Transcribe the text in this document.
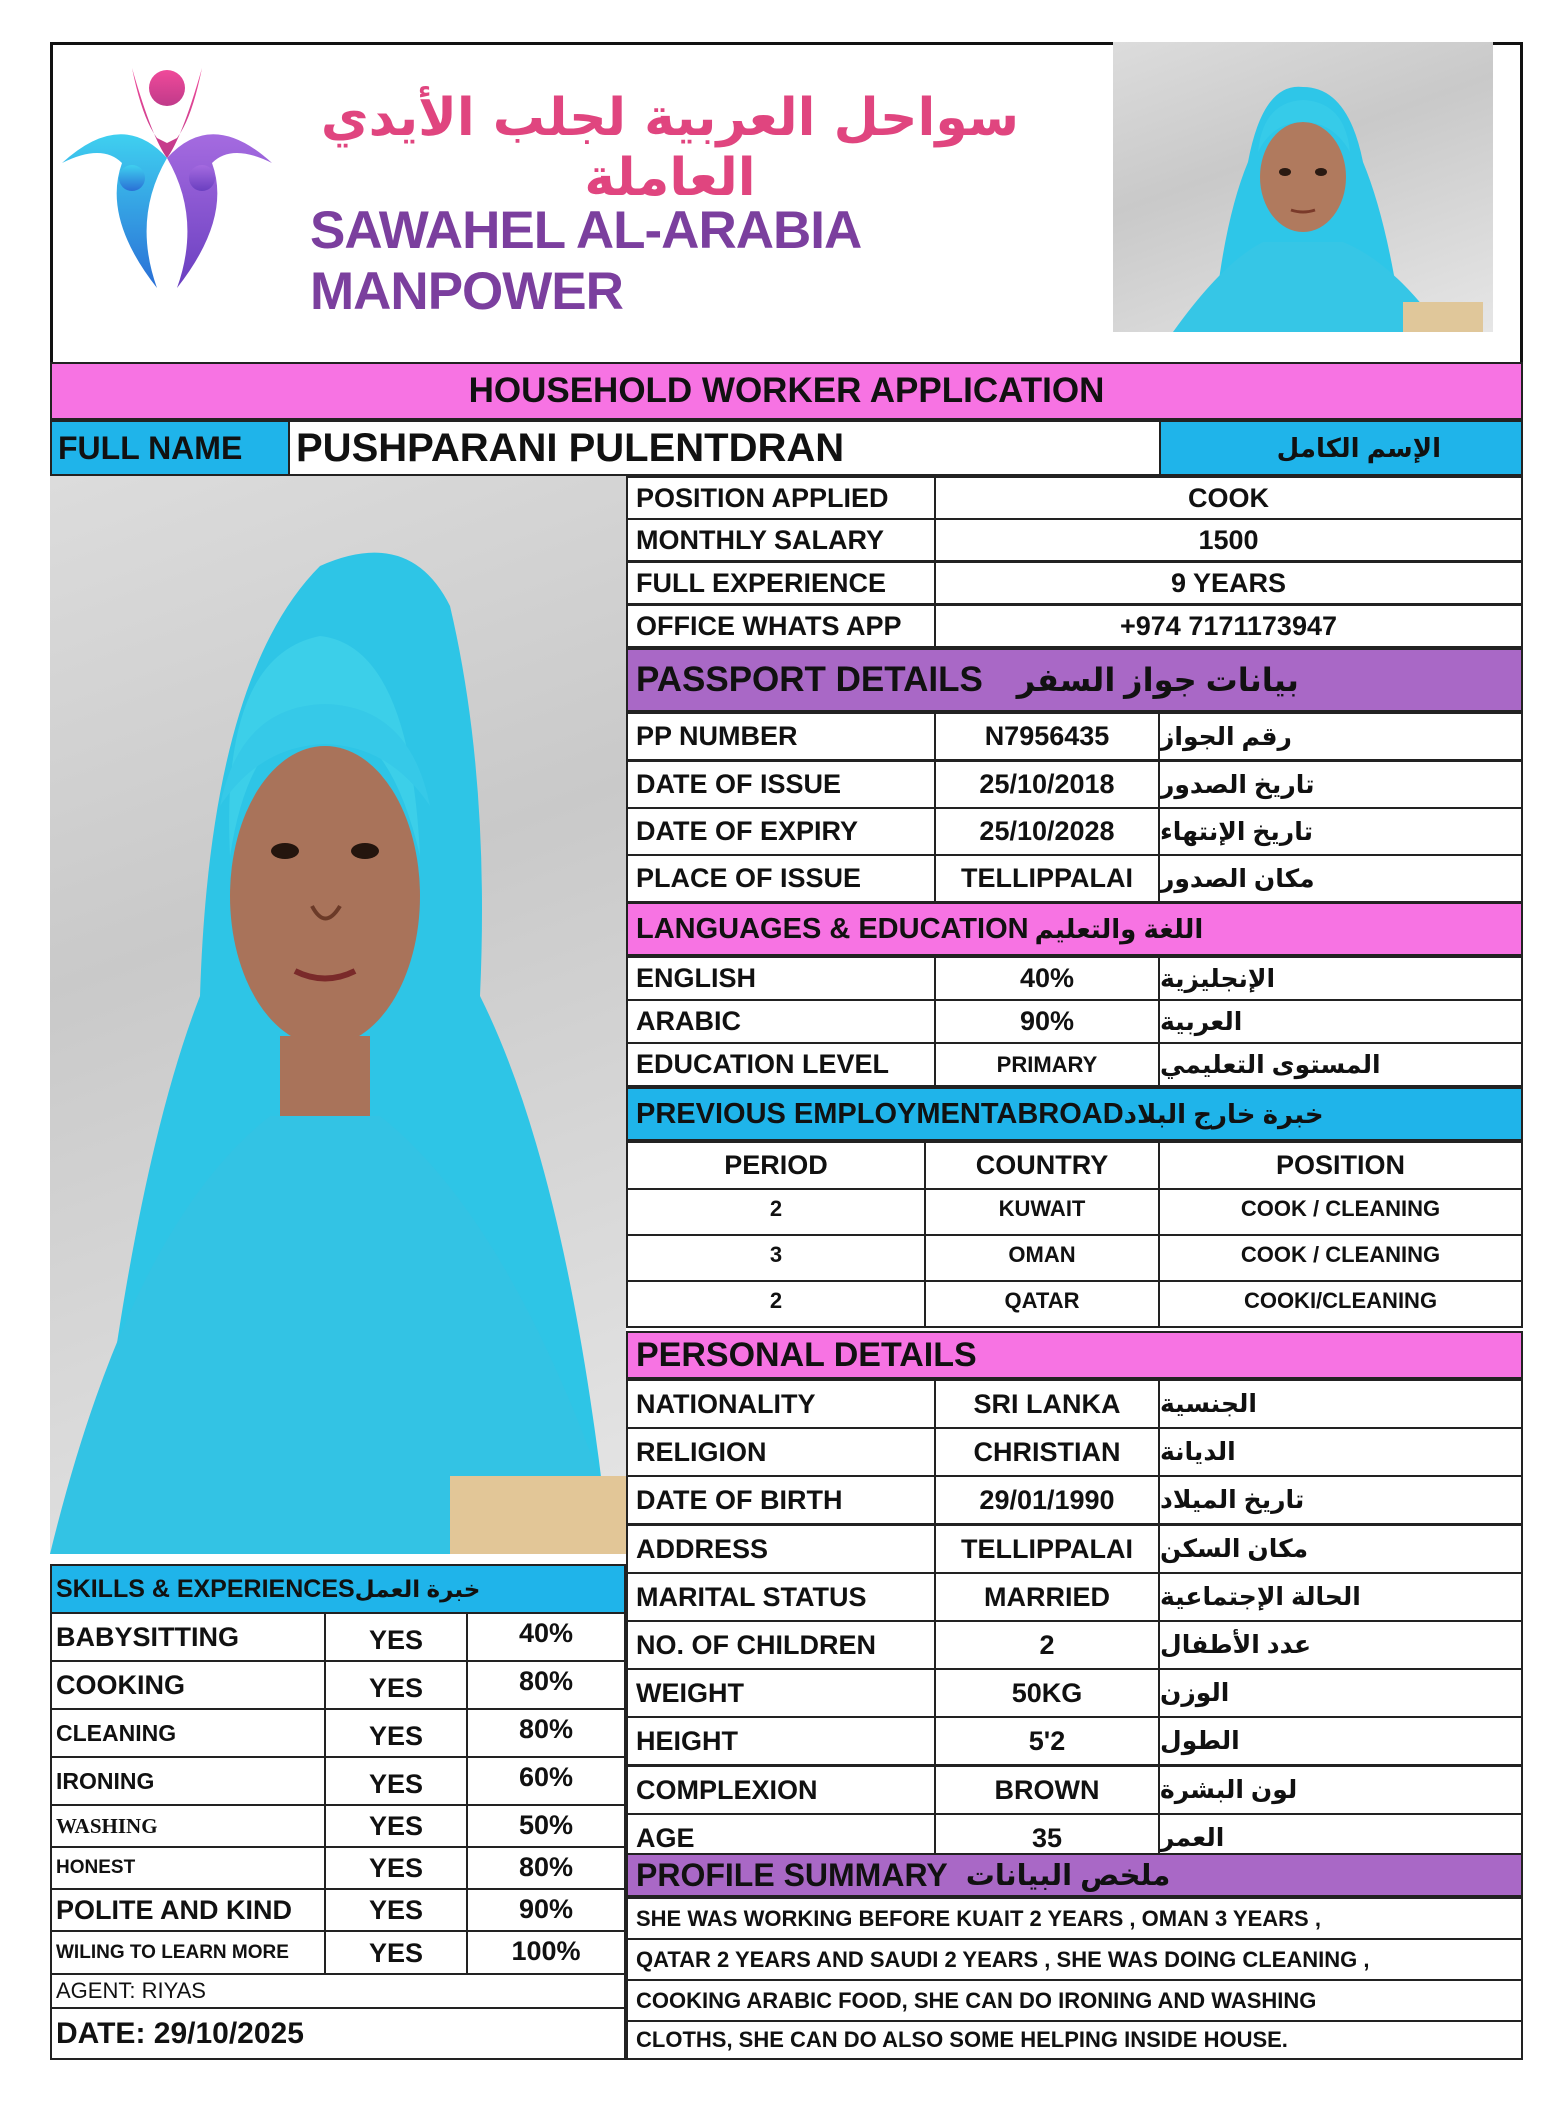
سواحل العربية لجلب الأيدي العاملة
SAWAHEL AL-ARABIA MANPOWER
HOUSEHOLD WORKER APPLICATION
FULL NAME	PUSHPARANI PULENTDRAN	الإسم الكامل
POSITION APPLIED	COOK
MONTHLY SALARY	1500
FULL EXPERIENCE	9 YEARS
OFFICE WHATS APP	+974 7171173947
PASSPORT DETAILS بيانات جواز السفر
PP NUMBER	N7956435	رقم الجواز
DATE OF ISSUE	25/10/2018	تاريخ الصدور
DATE OF EXPIRY	25/10/2028	تاريخ الإنتهاء
PLACE OF ISSUE	TELLIPPALAI	مكان الصدور
LANGUAGES & EDUCATION اللغة والتعليم
ENGLISH	40%	الإنجليزية
ARABIC	90%	العربية
EDUCATION LEVEL	PRIMARY	المستوى التعليمي
PREVIOUS EMPLOYMENTABROAD خبرة خارج البلاد
PERIOD	COUNTRY	POSITION
2	KUWAIT	COOK / CLEANING
3	OMAN	COOK / CLEANING
2	QATAR	COOKI/CLEANING
PERSONAL DETAILS
NATIONALITY	SRI LANKA	الجنسية
RELIGION	CHRISTIAN	الديانة
DATE OF BIRTH	29/01/1990	تاريخ الميلاد
ADDRESS	TELLIPPALAI	مكان السكن
MARITAL STATUS	MARRIED	الحالة الإجتماعية
NO. OF CHILDREN	2	عدد الأطفال
WEIGHT	50KG	الوزن
HEIGHT	5'2	الطول
COMPLEXION	BROWN	لون البشرة
AGE	35	العمر
SKILLS & EXPERIENCES خبرة العمل
BABYSITTING	YES	40%
COOKING	YES	80%
CLEANING	YES	80%
IRONING	YES	60%
WASHING	YES	50%
HONEST	YES	80%
POLITE AND KIND	YES	90%
WILING TO LEARN MORE	YES	100%
AGENT: RIYAS
DATE: 29/10/2025
PROFILE SUMMARY ملخص البيانات
SHE WAS WORKING BEFORE KUAIT 2 YEARS , OMAN 3 YEARS ,
QATAR 2 YEARS AND SAUDI 2 YEARS , SHE WAS DOING CLEANING ,
COOKING ARABIC FOOD, SHE CAN DO IRONING AND WASHING
CLOTHS, SHE CAN DO ALSO SOME HELPING INSIDE HOUSE.
